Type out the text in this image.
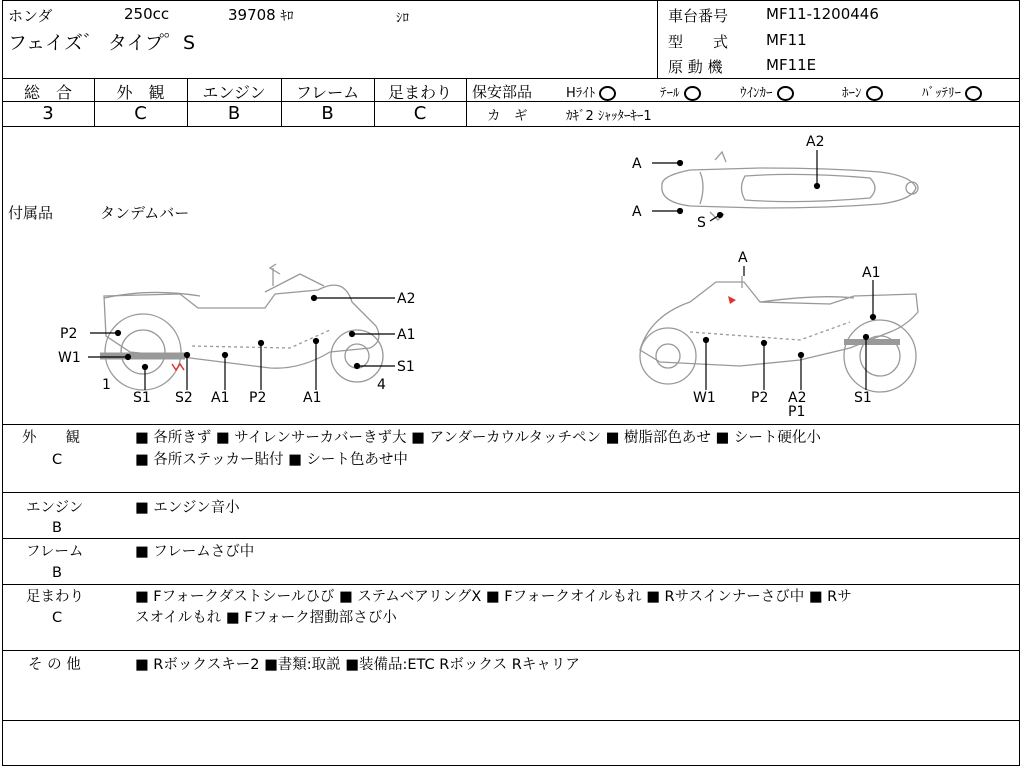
ホンダ	250cc	39708 ｷﾛ	ｼﾛ
フェイズ゛ タイプ゜S
車台番号	MF11-1200446
型　　式	MF11
原 動 機	MF11E
総　合	外　観	エンジン	フレーム	足まわり
3	C	B	B	C
保安部品	Hﾗｲﾄ	ﾃｰﾙ	ｳｲﾝｶｰ	ﾎｰﾝ	ﾊﾞｯﾃﾘｰ
カ　ギ	ｶｷﾞ2 ｼｬｯﾀｰｷｰ1
付属品	タンデムバー
A
A
S
A2
A2
P2	A1
W1
S1
1
S1 S2 A1 P2	A1
4
A
A1
W1	P2 A2
P1
S1
外　　観
C
■ 各所きず ■ サイレンサーカバーきず大 ■ アンダーカウルタッチペン ■ 樹脂部色あせ ■ シート硬化小
■ 各所ステッカー貼付 ■ シート色あせ中
エンジン
B
■ エンジン音小
フレーム
B
■ フレームさび中
足まわり
C
■ Fフォークダストシールひび ■ ステムベアリングX ■ Fフォークオイルもれ ■ Rサスインナーさび中 ■ Rサ
スオイルもれ ■ Fフォーク摺動部さび小
そ の 他	■ Rボックスキー2 ■書類:取説 ■装備品:ETC Rボックス Rキャリア
